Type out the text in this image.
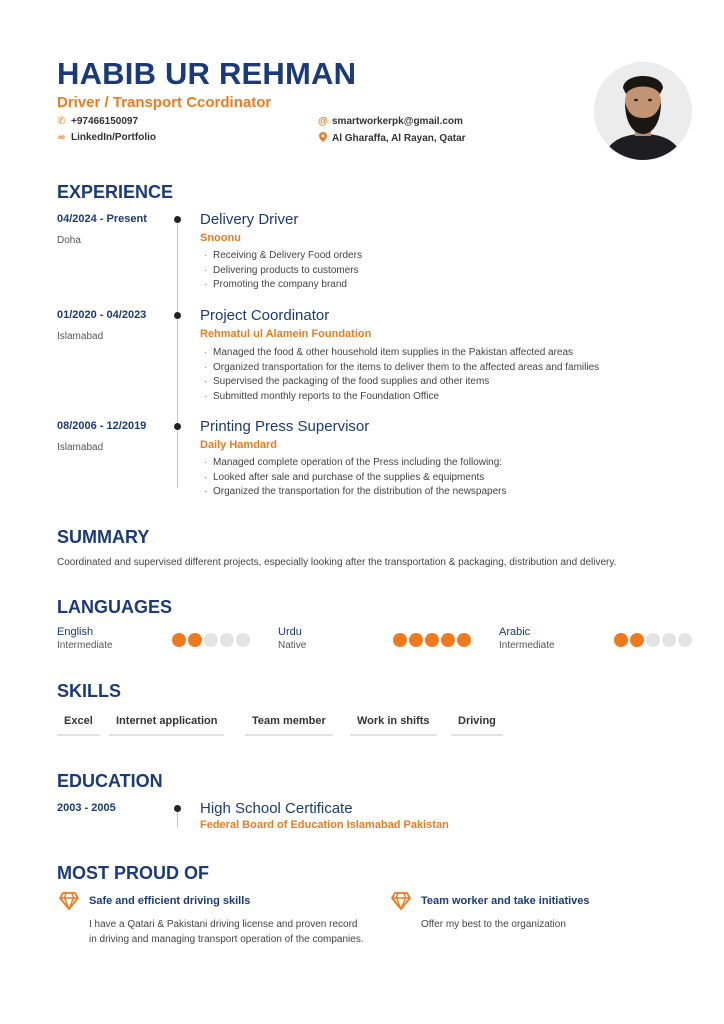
HABIB UR REHMAN
Driver / Transport Ccordinator
✆ +97466150097
∞ LinkedIn/Portfolio
@ smartworkerpk@gmail.com
Al Gharaffa, Al Rayan, Qatar
EXPERIENCE
04/2024 - Present
Doha
Delivery Driver
Snoonu
· Receiving & Delivery Food orders
· Delivering products to customers
· Promoting the company brand
01/2020 - 04/2023
Islamabad
Project Coordinator
Rehmatul ul Alamein Foundation
· Managed the food & other household item supplies in the Pakistan affected areas
· Organized transportation for the items to deliver them to the affected areas and families
· Supervised the packaging of the food supplies and other items
· Submitted monthly reports to the Foundation Office
08/2006 - 12/2019
Islamabad
Printing Press Supervisor
Daily Hamdard
· Managed complete operation of the Press including the following:
· Looked after sale and purchase of the supplies & equipments
· Organized the transportation for the distribution of the newspapers
SUMMARY
Coordinated and supervised different projects, especially looking after the transportation & packaging, distribution and delivery.
LANGUAGES
English
Intermediate
Urdu
Native
Arabic
Intermediate
SKILLS
Excel	Internet application	Team member	Work in shifts	Driving
EDUCATION
2003 - 2005	High School Certificate
Federal Board of Education Islamabad Pakistan
MOST PROUD OF
Safe and efficient driving skills
I have a Qatari & Pakistani driving license and proven record in driving and managing transport operation of the companies.
Team worker and take initiatives
Offer my best to the organization
